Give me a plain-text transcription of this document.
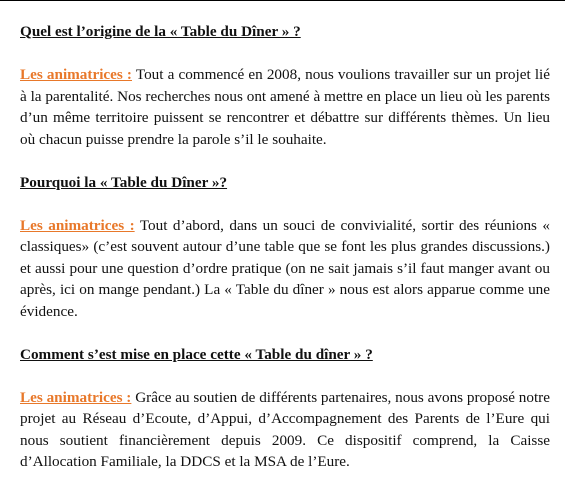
Quel est l’origine de la « Table du Dîner » ?

Les animatrices : Tout a commencé en 2008, nous voulions travailler sur un projet lié à la parentalité. Nos recherches nous ont amené à mettre en place un lieu où les parents d’un même territoire puissent se rencontrer et débattre sur différents thèmes. Un lieu où chacun puisse prendre la parole s’il le souhaite.

Pourquoi la « Table du Dîner »?

Les animatrices : Tout d’abord, dans un souci de convivialité, sortir des réunions « classiques» (c’est souvent autour d’une table que se font les plus grandes discussions.) et aussi pour une question d’ordre pratique (on ne sait jamais s’il faut manger avant ou après, ici on mange pendant.) La « Table du dîner » nous est alors apparue comme une évidence.

Comment s’est mise en place cette « Table du dîner » ?

Les animatrices : Grâce au soutien de différents partenaires, nous avons proposé notre projet au Réseau d’Ecoute, d’Appui, d’Accompagnement des Parents de l’Eure qui nous soutient financièrement depuis 2009. Ce dispositif comprend, la Caisse d’Allocation Familiale, la DDCS et la MSA de l’Eure.
